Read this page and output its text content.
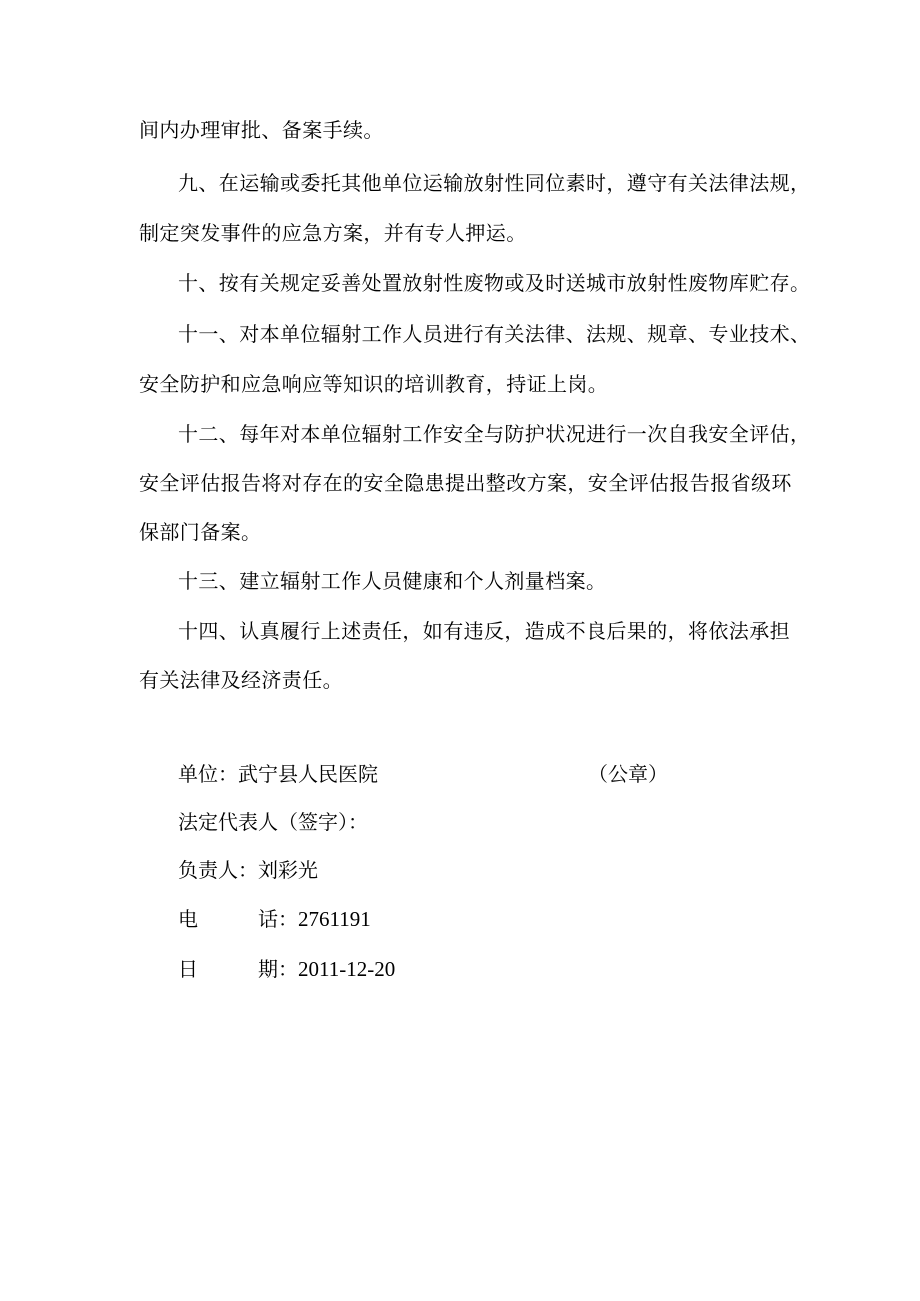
间内办理审批、备案手续。
九、在运输或委托其他单位运输放射性同位素时，遵守有关法律法规，
制定突发事件的应急方案，并有专人押运。
十、按有关规定妥善处置放射性废物或及时送城市放射性废物库贮存。
十一、对本单位辐射工作人员进行有关法律、法规、规章、专业技术、
安全防护和应急响应等知识的培训教育，持证上岗。
十二、每年对本单位辐射工作安全与防护状况进行一次自我安全评估，
安全评估报告将对存在的安全隐患提出整改方案，安全评估报告报省级环
保部门备案。
十三、建立辐射工作人员健康和个人剂量档案。
十四、认真履行上述责任，如有违反，造成不良后果的，将依法承担
有关法律及经济责任。
单位：武宁县人民医院	（公章）
法定代表人（签字）：
负责人：刘彩光
电	话：2761191
日	期：2011-12-20
